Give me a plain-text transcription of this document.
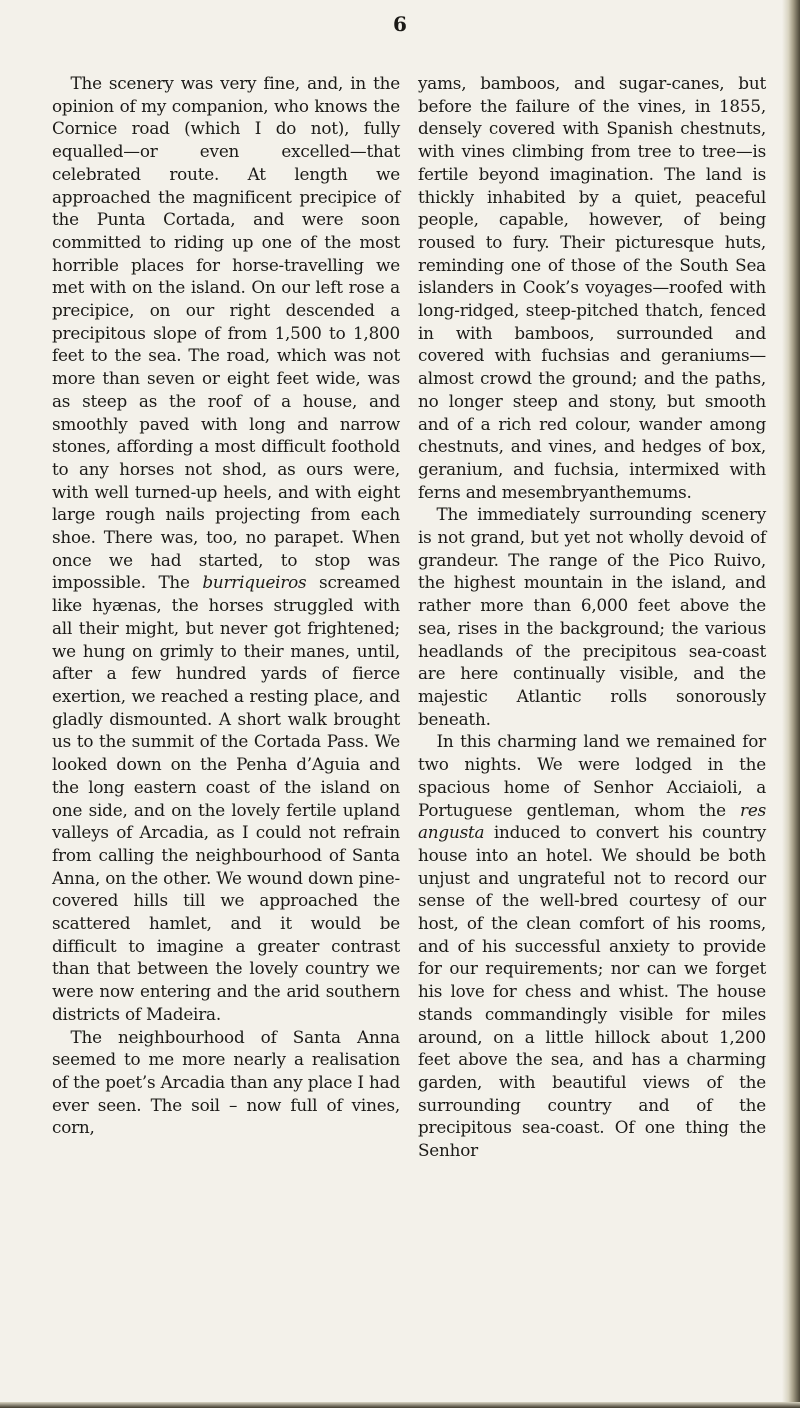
6

The scenery was very fine, and, in the opinion of my companion, who knows the Cornice road (which I do not), fully equalled—or even excelled—that celebrated route. At length we approached the magnificent precipice of the Punta Cortada, and were soon committed to riding up one of the most horrible places for horse-travelling we met with on the island. On our left rose a precipice, on our right descended a precipitous slope of from 1,500 to 1,800 feet to the sea. The road, which was not more than seven or eight feet wide, was as steep as the roof of a house, and smoothly paved with long and narrow stones, affording a most difficult foothold to any horses not shod, as ours were, with well turned-up heels, and with eight large rough nails projecting from each shoe. There was, too, no parapet. When once we had started, to stop was impossible. The burriqueiros screamed like hyænas, the horses struggled with all their might, but never got frightened; we hung on grimly to their manes, until, after a few hundred yards of fierce exertion, we reached a resting place, and gladly dismounted. A short walk brought us to the summit of the Cortada Pass. We looked down on the Penha d’Aguia and the long eastern coast of the island on one side, and on the lovely fertile upland valleys of Arcadia, as I could not refrain from calling the neighbourhood of Santa Anna, on the other. We wound down pine-covered hills till we approached the scattered hamlet, and it would be difficult to imagine a greater contrast than that between the lovely country we were now entering and the arid southern districts of Madeira.

The neighbourhood of Santa Anna seemed to me more nearly a realisation of the poet’s Arcadia than any place I had ever seen. The soil – now full of vines, corn,

yams, bamboos, and sugar-canes, but before the failure of the vines, in 1855, densely covered with Spanish chestnuts, with vines climbing from tree to tree—is fertile beyond imagination. The land is thickly inhabited by a quiet, peaceful people, capable, however, of being roused to fury. Their picturesque huts, reminding one of those of the South Sea islanders in Cook’s voyages—roofed with long-ridged, steep-pitched thatch, fenced in with bamboos, surrounded and covered with fuchsias and geraniums—almost crowd the ground; and the paths, no longer steep and stony, but smooth and of a rich red colour, wander among chestnuts, and vines, and hedges of box, geranium, and fuchsia, intermixed with ferns and mesembryanthemums.

The immediately surrounding scenery is not grand, but yet not wholly devoid of grandeur. The range of the Pico Ruivo, the highest mountain in the island, and rather more than 6,000 feet above the sea, rises in the background; the various headlands of the precipitous sea-coast are here continually visible, and the majestic Atlantic rolls sonorously beneath.

In this charming land we remained for two nights. We were lodged in the spacious home of Senhor Acciaioli, a Portuguese gentleman, whom the res angusta induced to convert his country house into an hotel. We should be both unjust and ungrateful not to record our sense of the well-bred courtesy of our host, of the clean comfort of his rooms, and of his successful anxiety to provide for our requirements; nor can we forget his love for chess and whist. The house stands commandingly visible for miles around, on a little hillock about 1,200 feet above the sea, and has a charming garden, with beautiful views of the surrounding country and of the precipitous sea-coast. Of one thing the Senhor
